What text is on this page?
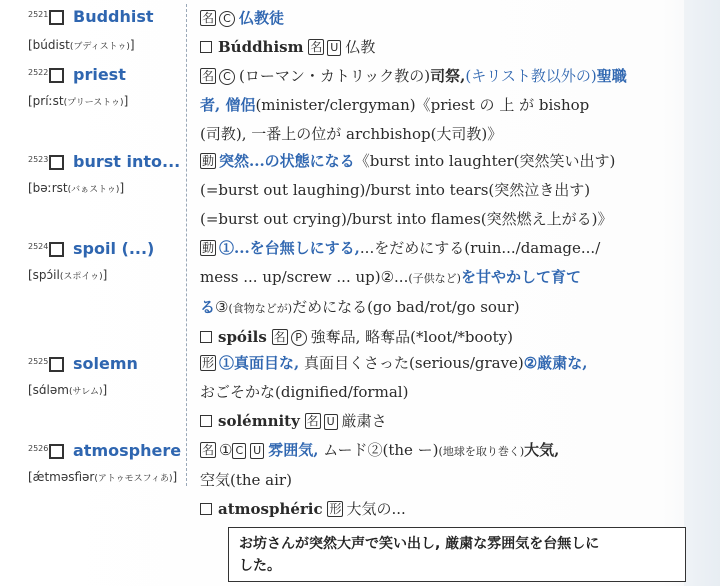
2521 Buddhist
[búdist(ブディストゥ)]
名 C 仏教徒
Búddhism 名 U 仏教
2522 priest
[príːst(プリーストゥ)]
名 C (ローマン・カトリック教の)司祭,(キリスト教以外の)聖職
者, 僧侶(minister/clergyman)《priest の 上 が bishop
(司教), 一番上の位が archbishop(大司教)》
2523 burst into...
[bəːrst(バぁストゥ)]
動 突然...の状態になる《burst into laughter(突然笑い出す)
(=burst out laughing)/burst into tears(突然泣き出す)
(=burst out crying)/burst into flames(突然燃え上がる)》
2524 spoil (...)
[spɔ́il(スポイゥ)]
動 ①...を台無しにする,...をだめにする(ruin.../damage.../
mess ... up/screw ... up)②...(子供など)を甘やかして育て
る③(食物などが)だめになる(go bad/rot/go sour)
spóils 名 P 強奪品, 略奪品(*loot/*booty)
2525 solemn
[sɑ́ləm(サレム)]
形 ①真面目な, 真面目くさった(serious/grave)②厳粛な,
おごそかな(dignified/formal)
solémnity 名 U 厳粛さ
2526 atmosphere
[ǽtməsfìər(アトゥモスフィあ)]
名 ① C U 雰囲気, ムード②(the ー)(地球を取り巻く)大気,
空気(the air)
atmosphéric 形 大気の...
お坊さんが突然大声で笑い出し, 厳粛な雰囲気を台無しに
した。
